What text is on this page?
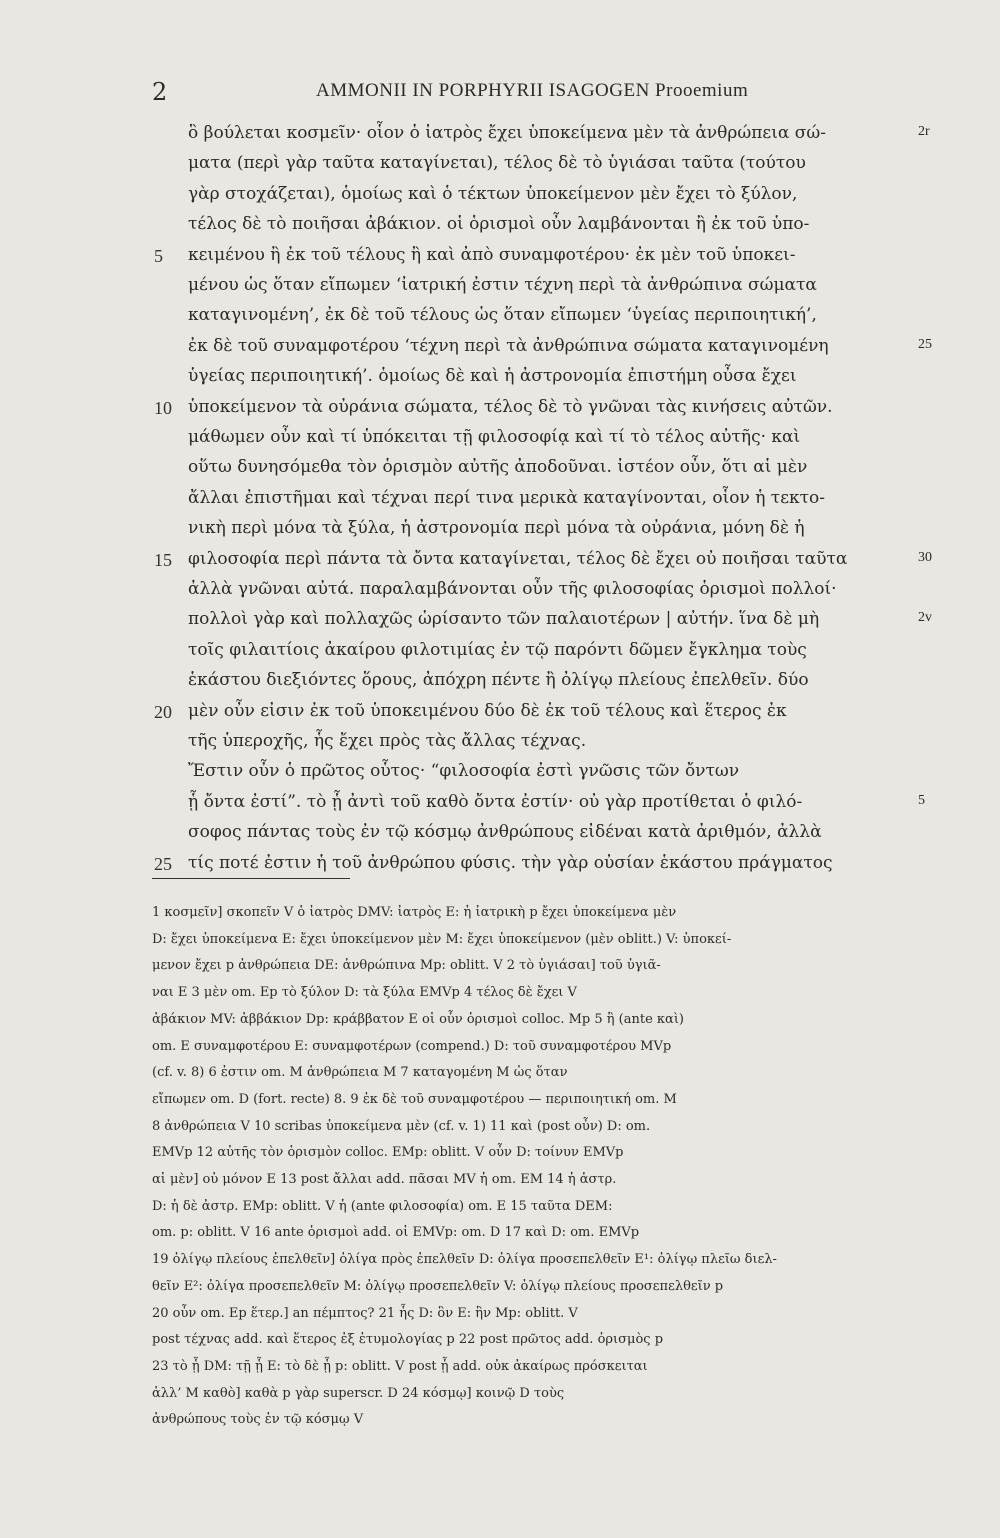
2	AMMONII IN PORPHYRII ISAGOGEN Prooemium
ὃ βούλεται κοσμεῖν· οἷον ὁ ἰατρὸς ἔχει ὑποκείμενα μὲν τὰ ἀνθρώπεια σώ-	2r
ματα (περὶ γὰρ ταῦτα καταγίνεται), τέλος δὲ τὸ ὑγιάσαι ταῦτα (τούτου
γὰρ στοχάζεται), ὁμοίως καὶ ὁ τέκτων ὑποκείμενον μὲν ἔχει τὸ ξύλον,
τέλος δὲ τὸ ποιῆσαι ἀβάκιον. οἱ ὁρισμοὶ οὖν λαμβάνονται ἢ ἐκ τοῦ ὑπο-
5 κειμένου ἢ ἐκ τοῦ τέλους ἢ καὶ ἀπὸ συναμφοτέρου· ἐκ μὲν τοῦ ὑποκει-
μένου ὡς ὅταν εἴπωμεν ‘ἰατρική ἐστιν τέχνη περὶ τὰ ἀνθρώπινα σώματα
καταγινομένη’, ἐκ δὲ τοῦ τέλους ὡς ὅταν εἴπωμεν ‘ὑγείας περιποιητική’,
ἐκ δὲ τοῦ συναμφοτέρου ‘τέχνη περὶ τὰ ἀνθρώπινα σώματα καταγινομένη	25
ὑγείας περιποιητική’. ὁμοίως δὲ καὶ ἡ ἀστρονομία ἐπιστήμη οὖσα ἔχει
10 ὑποκείμενον τὰ οὐράνια σώματα, τέλος δὲ τὸ γνῶναι τὰς κινήσεις αὐτῶν.
μάθωμεν οὖν καὶ τί ὑπόκειται τῇ φιλοσοφίᾳ καὶ τί τὸ τέλος αὐτῆς· καὶ
οὕτω δυνησόμεθα τὸν ὁρισμὸν αὐτῆς ἀποδοῦναι. ἰστέον οὖν, ὅτι αἱ μὲν
ἄλλαι ἐπιστῆμαι καὶ τέχναι περί τινα μερικὰ καταγίνονται, οἷον ἡ τεκτο-
νικὴ περὶ μόνα τὰ ξύλα, ἡ ἀστρονομία περὶ μόνα τὰ οὐράνια, μόνη δὲ ἡ
15 φιλοσοφία περὶ πάντα τὰ ὄντα καταγίνεται, τέλος δὲ ἔχει οὐ ποιῆσαι ταῦτα	30
ἀλλὰ γνῶναι αὐτά. παραλαμβάνονται οὖν τῆς φιλοσοφίας ὁρισμοὶ πολλοί·
πολλοὶ γὰρ καὶ πολλαχῶς ὡρίσαντο τῶν παλαιοτέρων | αὐτήν. ἵνα δὲ μὴ	2v
τοῖς φιλαιτίοις ἀκαίρου φιλοτιμίας ἐν τῷ παρόντι δῶμεν ἔγκλημα τοὺς
ἑκάστου διεξιόντες ὅρους, ἀπόχρη πέντε ἢ ὀλίγῳ πλείους ἐπελθεῖν. δύο
20 μὲν οὖν εἰσιν ἐκ τοῦ ὑποκειμένου δύο δὲ ἐκ τοῦ τέλους καὶ ἕτερος ἐκ
τῆς ὑπεροχῆς, ἧς ἔχει πρὸς τὰς ἄλλας τέχνας.
Ἔστιν οὖν ὁ πρῶτος οὗτος· “φιλοσοφία ἐστὶ γνῶσις τῶν ὄντων
ᾗ ὄντα ἐστί”. τὸ ᾗ ἀντὶ τοῦ καθὸ ὄντα ἐστίν· οὐ γὰρ προτίθεται ὁ φιλό-	5
σοφος πάντας τοὺς ἐν τῷ κόσμῳ ἀνθρώπους εἰδέναι κατὰ ἀριθμόν, ἀλλὰ
25 τίς ποτέ ἐστιν ἡ τοῦ ἀνθρώπου φύσις. τὴν γὰρ οὐσίαν ἑκάστου πράγματος
1 κοσμεῖν] σκοπεῖν V ὁ ἰατρὸς DMV: ἰατρὸς E: ἡ ἰατρικὴ p ἔχει ὑποκείμενα μὲν
D: ἔχει ὑποκείμενα E: ἔχει ὑποκείμενον μὲν M: ἔχει ὑποκείμενον (μὲν oblitt.) V: ὑποκεί-
μενον ἔχει p ἀνθρώπεια DE: ἀνθρώπινα Mp: oblitt. V 2 τὸ ὑγιάσαι] τοῦ ὑγιᾶ-
ναι E 3 μὲν om. Ep τὸ ξύλον D: τὰ ξύλα EMVp 4 τέλος δὲ ἔχει V
ἀβάκιον MV: ἀββάκιον Dp: κράββατον E οἱ οὖν ὁρισμοὶ colloc. Mp 5 ἢ (ante καὶ)
om. E συναμφοτέρου E: συναμφοτέρων (compend.) D: τοῦ συναμφοτέρου MVp
(cf. v. 8) 6 ἐστιν om. M ἀνθρώπεια M 7 καταγομένη M ὡς ὅταν
εἴπωμεν om. D (fort. recte) 8. 9 ἐκ δὲ τοῦ συναμφοτέρου — περιποιητική om. M
8 ἀνθρώπεια V 10 scribas ὑποκείμενα μὲν (cf. v. 1) 11 καὶ (post οὖν) D: om.
EMVp 12 αὐτῆς τὸν ὁρισμὸν colloc. EMp: oblitt. V οὖν D: τοίνυν EMVp
αἱ μὲν] οὐ μόνον E 13 post ἄλλαι add. πᾶσαι MV ἡ om. EM 14 ἡ ἀστρ.
D: ἡ δὲ ἀστρ. EMp: oblitt. V ἡ (ante φιλοσοφία) om. E 15 ταῦτα DEM:
om. p: oblitt. V 16 ante ὁρισμοὶ add. οἱ EMVp: om. D 17 καὶ D: om. EMVp
19 ὀλίγῳ πλείους ἐπελθεῖν] ὀλίγα πρὸς ἐπελθεῖν D: ὀλίγα προσεπελθεῖν E¹: ὀλίγῳ πλεῖω διελ-
θεῖν E²: ὀλίγα προσεπελθεῖν M: ὀλίγῳ προσεπελθεῖν V: ὀλίγῳ πλείους προσεπελθεῖν p
20 οὖν om. Ep ἕτερ.] an πέμπτος? 21 ἧς D: ὃν E: ἣν Mp: oblitt. V
post τέχνας add. καὶ ἕτερος ἐξ ἐτυμολογίας p 22 post πρῶτος add. ὁρισμὸς p
23 τὸ ᾗ DM: τῇ ᾗ E: τὸ δὲ ᾗ p: oblitt. V post ᾗ add. οὐκ ἀκαίρως πρόσκειται
ἀλλ’ M καθὸ] καθὰ p γὰρ superscr. D 24 κόσμῳ] κοινῷ D τοὺς
ἀνθρώπους τοὺς ἐν τῷ κόσμῳ V
